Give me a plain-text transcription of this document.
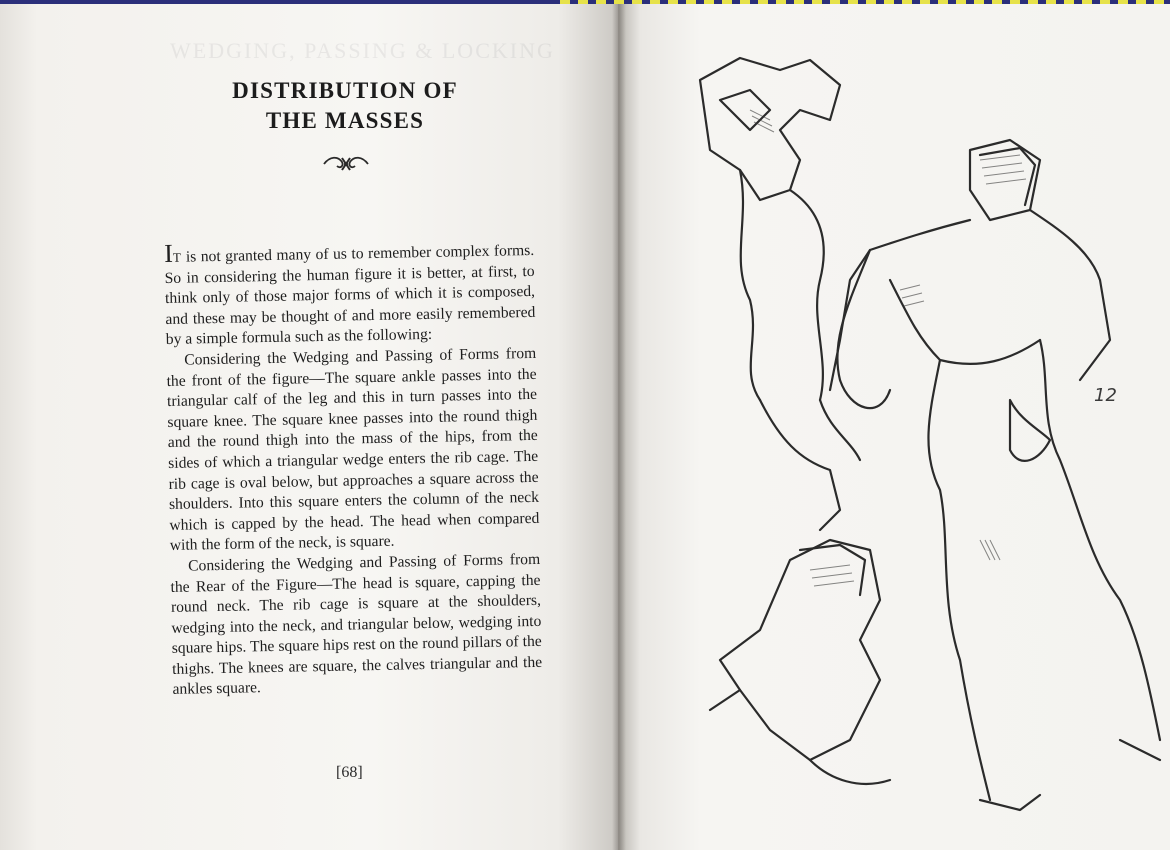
WEDGING, PASSING & LOCKING
DISTRIBUTION OF
THE MASSES

IT is not granted many of us to remember complex forms. So in considering the human figure it is better, at first, to think only of those major forms of which it is composed, and these may be thought of and more easily remembered by a simple formula such as the following:

Considering the Wedging and Passing of Forms from the front of the figure—The square ankle passes into the triangular calf of the leg and this in turn passes into the square knee. The square knee passes into the round thigh and the round thigh into the mass of the hips, from the sides of which a triangular wedge enters the rib cage. The rib cage is oval below, but approaches a square across the shoulders. Into this square enters the column of the neck which is capped by the head. The head when compared with the form of the neck, is square.

Considering the Wedging and Passing of Forms from the Rear of the Figure—The head is square, capping the round neck. The rib cage is square at the shoulders, wedging into the neck, and triangular below, wedging into square hips. The square hips rest on the round pillars of the thighs. The knees are square, the calves triangular and the ankles square.

[68]
12
